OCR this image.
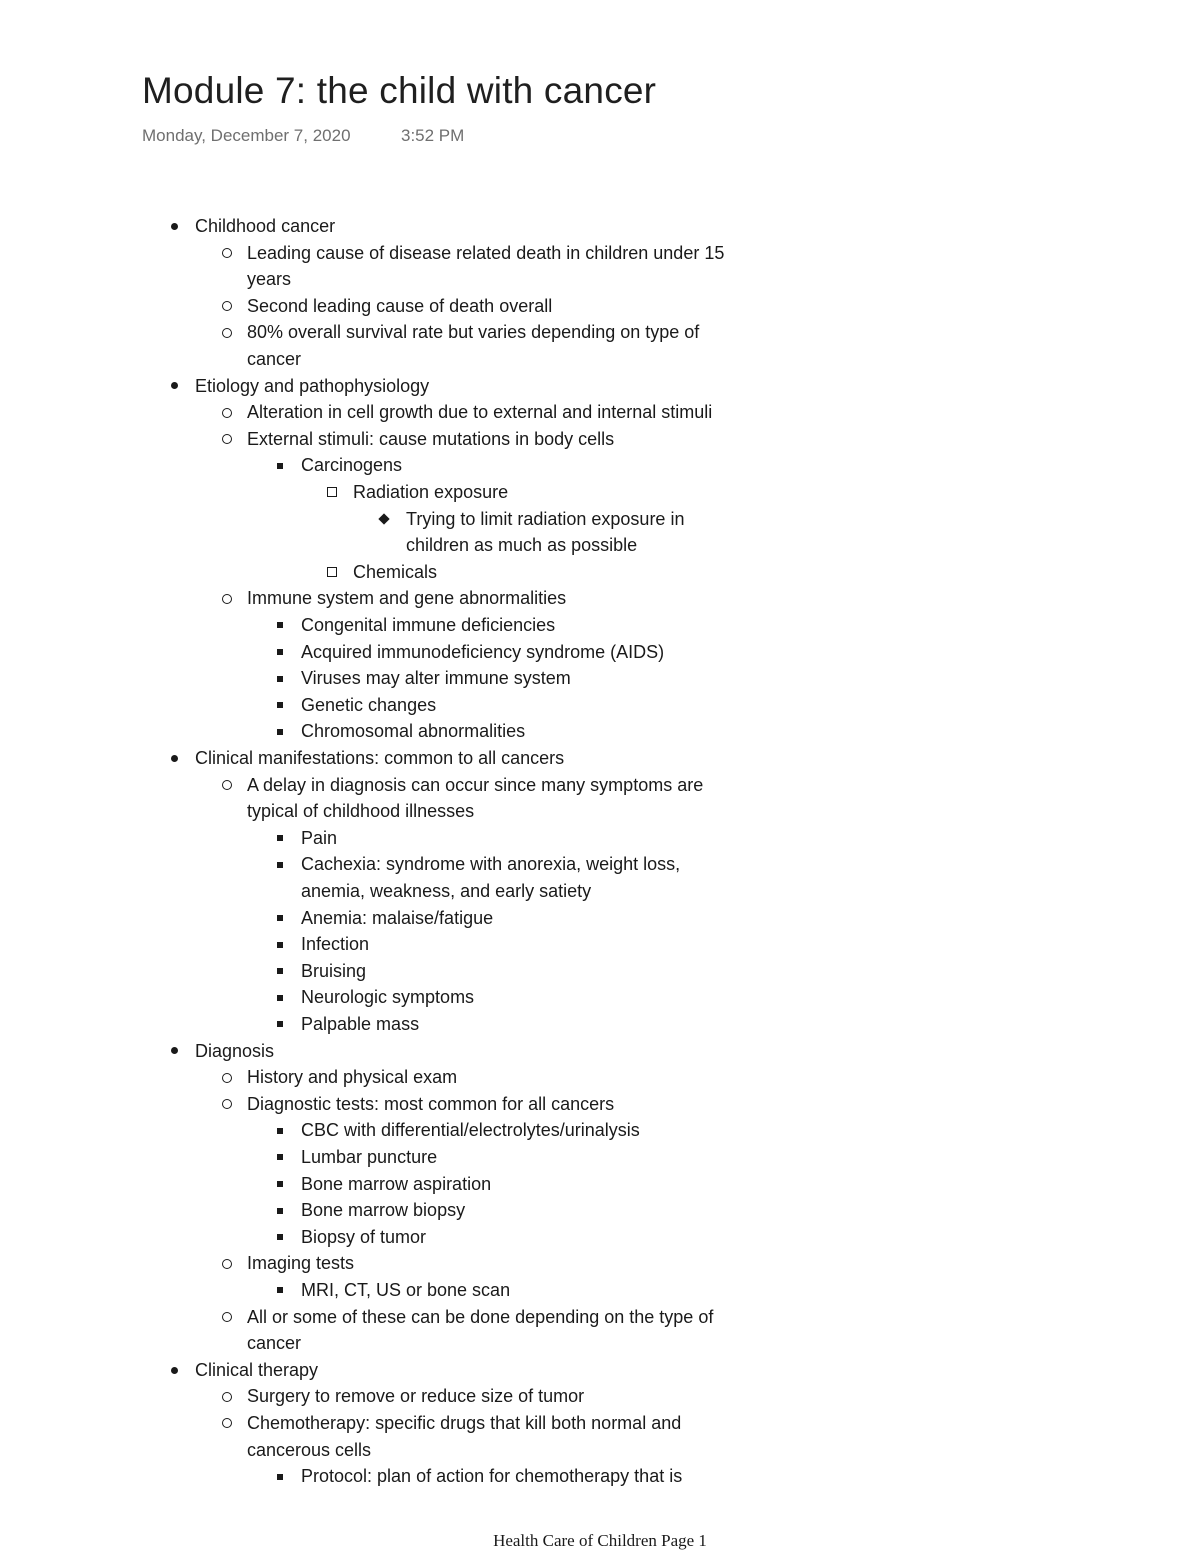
Module 7: the child with cancer
Monday, December 7, 2020	3:52 PM
Childhood cancer
Leading cause of disease related death in children under 15
years
Second leading cause of death overall
80% overall survival rate but varies depending on type of
cancer
Etiology and pathophysiology
Alteration in cell growth due to external and internal stimuli
External stimuli: cause mutations in body cells
Carcinogens
Radiation exposure
Trying to limit radiation exposure in
children as much as possible
Chemicals
Immune system and gene abnormalities
Congenital immune deficiencies
Acquired immunodeficiency syndrome (AIDS)
Viruses may alter immune system
Genetic changes
Chromosomal abnormalities
Clinical manifestations: common to all cancers
A delay in diagnosis can occur since many symptoms are
typical of childhood illnesses
Pain
Cachexia: syndrome with anorexia, weight loss,
anemia, weakness, and early satiety
Anemia: malaise/fatigue
Infection
Bruising
Neurologic symptoms
Palpable mass
Diagnosis
History and physical exam
Diagnostic tests: most common for all cancers
CBC with differential/electrolytes/urinalysis
Lumbar puncture
Bone marrow aspiration
Bone marrow biopsy
Biopsy of tumor
Imaging tests
MRI, CT, US or bone scan
All or some of these can be done depending on the type of
cancer
Clinical therapy
Surgery to remove or reduce size of tumor
Chemotherapy: specific drugs that kill both normal and
cancerous cells
Protocol: plan of action for chemotherapy that is
Health Care of Children Page 1
